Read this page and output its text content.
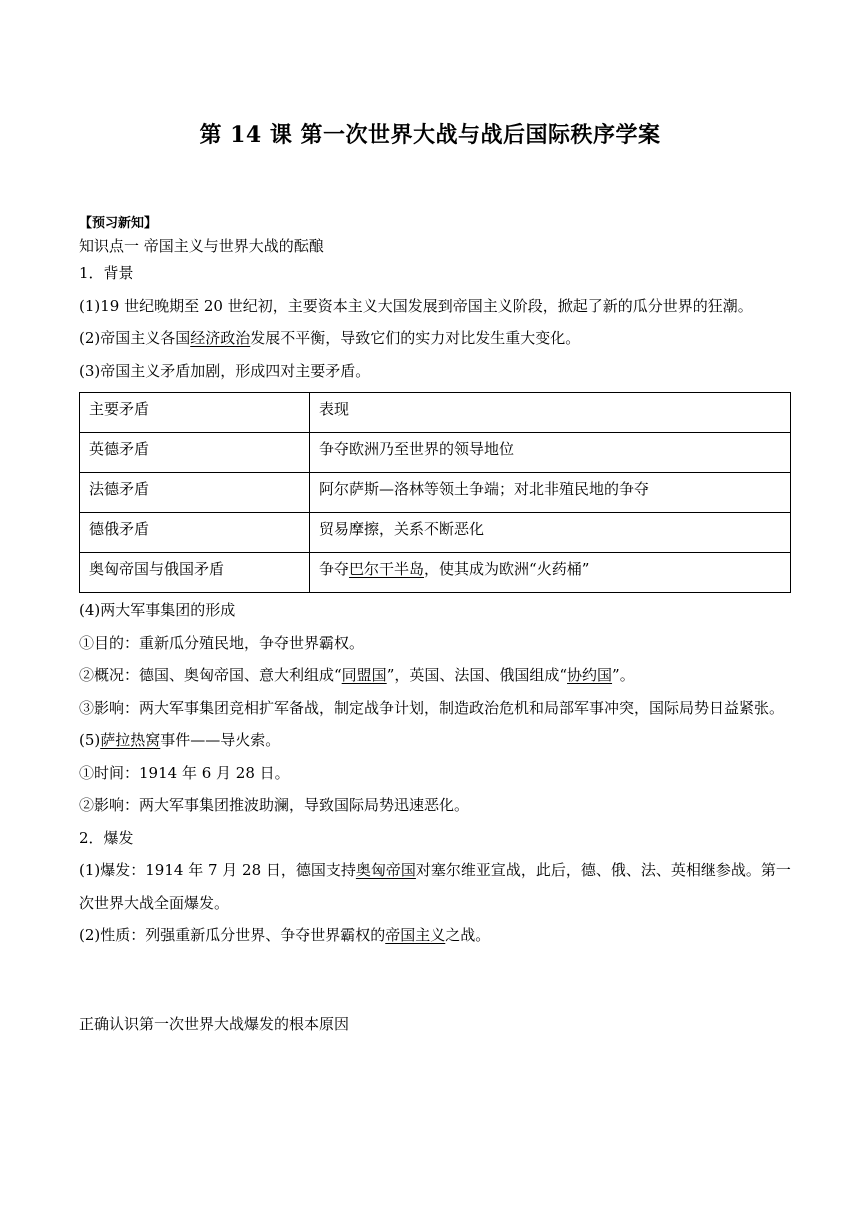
第 14 课 第一次世界大战与战后国际秩序学案

【预习新知】

知识点一 帝国主义与世界大战的酝酿

1．背景

(1)19 世纪晚期至 20 世纪初，主要资本主义大国发展到帝国主义阶段，掀起了新的瓜分世界的狂潮。

(2)帝国主义各国经济政治发展不平衡，导致它们的实力对比发生重大变化。

(3)帝国主义矛盾加剧，形成四对主要矛盾。

主要矛盾	表现
英德矛盾	争夺欧洲乃至世界的领导地位
法德矛盾	阿尔萨斯—洛林等领土争端；对北非殖民地的争夺
德俄矛盾	贸易摩擦，关系不断恶化
奥匈帝国与俄国矛盾	争夺巴尔干半岛，使其成为欧洲“火药桶”

(4)两大军事集团的形成

①目的：重新瓜分殖民地，争夺世界霸权。

②概况：德国、奥匈帝国、意大利组成“同盟国”，英国、法国、俄国组成“协约国”。

③影响：两大军事集团竞相扩军备战，制定战争计划，制造政治危机和局部军事冲突，国际局势日益紧张。

(5)萨拉热窝事件——导火索。

①时间：1914 年 6 月 28 日。

②影响：两大军事集团推波助澜，导致国际局势迅速恶化。

2．爆发

(1)爆发：1914 年 7 月 28 日，德国支持奥匈帝国对塞尔维亚宣战，此后，德、俄、法、英相继参战。第一次世界大战全面爆发。

(2)性质：列强重新瓜分世界、争夺世界霸权的帝国主义之战。

正确认识第一次世界大战爆发的根本原因
